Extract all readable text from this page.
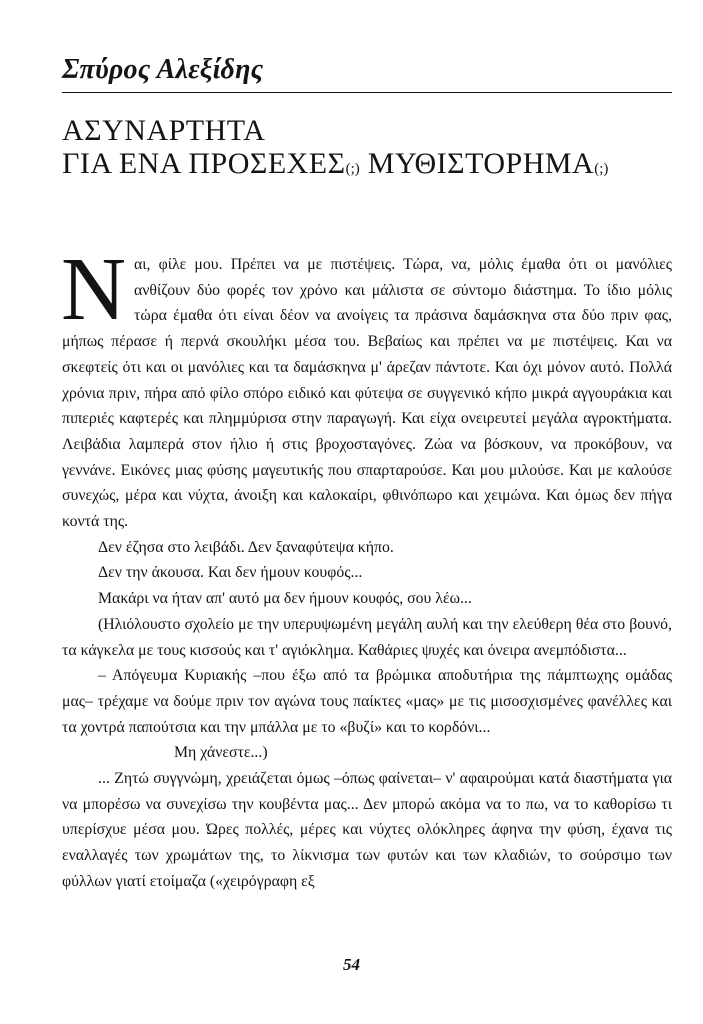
Σπύρος Αλεξίδης
ΑΣΥΝΑΡΤΗΤΑ
ΓΙΑ ΕΝΑ ΠΡΟΣΕΧΕΣ(;) ΜΥΘΙΣΤΟΡΗΜΑ(;)

Ναι, φίλε μου. Πρέπει να με πιστέψεις. Τώρα, να, μόλις έμαθα ότι οι μανόλιες ανθίζουν δύο φορές τον χρόνο και μάλιστα σε σύντομο διάστημα. Το ίδιο μόλις τώρα έμαθα ότι είναι δέον να ανοίγεις τα πράσινα δαμάσκηνα στα δύο πριν φας, μήπως πέρασε ή περνά σκουλήκι μέσα του. Βεβαίως και πρέπει να με πιστέψεις. Και να σκεφτείς ότι και οι μανόλιες και τα δαμάσκηνα μ' άρεζαν πάντοτε. Και όχι μόνον αυτό. Πολλά χρόνια πριν, πήρα από φίλο σπόρο ειδικό και φύτεψα σε συγγενικό κήπο μικρά αγγουράκια και πιπεριές καφτερές και πλημμύρισα στην παραγωγή. Και είχα ονειρευτεί μεγάλα αγροκτήματα. Λειβάδια λαμπερά στον ήλιο ή στις βροχοσταγόνες. Ζώα να βόσκουν, να προκόβουν, να γεννάνε. Εικόνες μιας φύσης μαγευτικής που σπαρταρούσε. Και μου μιλούσε. Και με καλούσε συνεχώς, μέρα και νύχτα, άνοιξη και καλοκαίρι, φθινόπωρο και χειμώνα. Και όμως δεν πήγα κοντά της.

Δεν έζησα στο λειβάδι. Δεν ξαναφύτεψα κήπο.

Δεν την άκουσα. Και δεν ήμουν κουφός...

Μακάρι να ήταν απ' αυτό μα δεν ήμουν κουφός, σου λέω...

(Ηλιόλουστο σχολείο με την υπερυψωμένη μεγάλη αυλή και την ελεύθερη θέα στο βουνό, τα κάγκελα με τους κισσούς και τ' αγιόκλημα. Καθάριες ψυχές και όνειρα ανεμπόδιστα...

– Απόγευμα Κυριακής –που έξω από τα βρώμικα αποδυτήρια της πάμπτωχης ομάδας μας– τρέχαμε να δούμε πριν τον αγώνα τους παίκτες «μας» με τις μισοσχισμένες φανέλλες και τα χοντρά παπούτσια και την μπάλλα με το «βυζί» και το κορδόνι...

Μη χάνεστε...)

... Ζητώ συγγνώμη, χρειάζεται όμως –όπως φαίνεται– ν' αφαιρούμαι κατά διαστήματα για να μπορέσω να συνεχίσω την κουβέντα μας... Δεν μπορώ ακόμα να το πω, να το καθορίσω τι υπερίσχυε μέσα μου. Ώρες πολλές, μέρες και νύχτες ολόκληρες άφηνα την φύση, έχανα τις εναλλαγές των χρωμάτων της, το λίκνισμα των φυτών και των κλαδιών, το σούρσιμο των φύλλων γιατί ετοίμαζα («χειρόγραφη εξ

54
